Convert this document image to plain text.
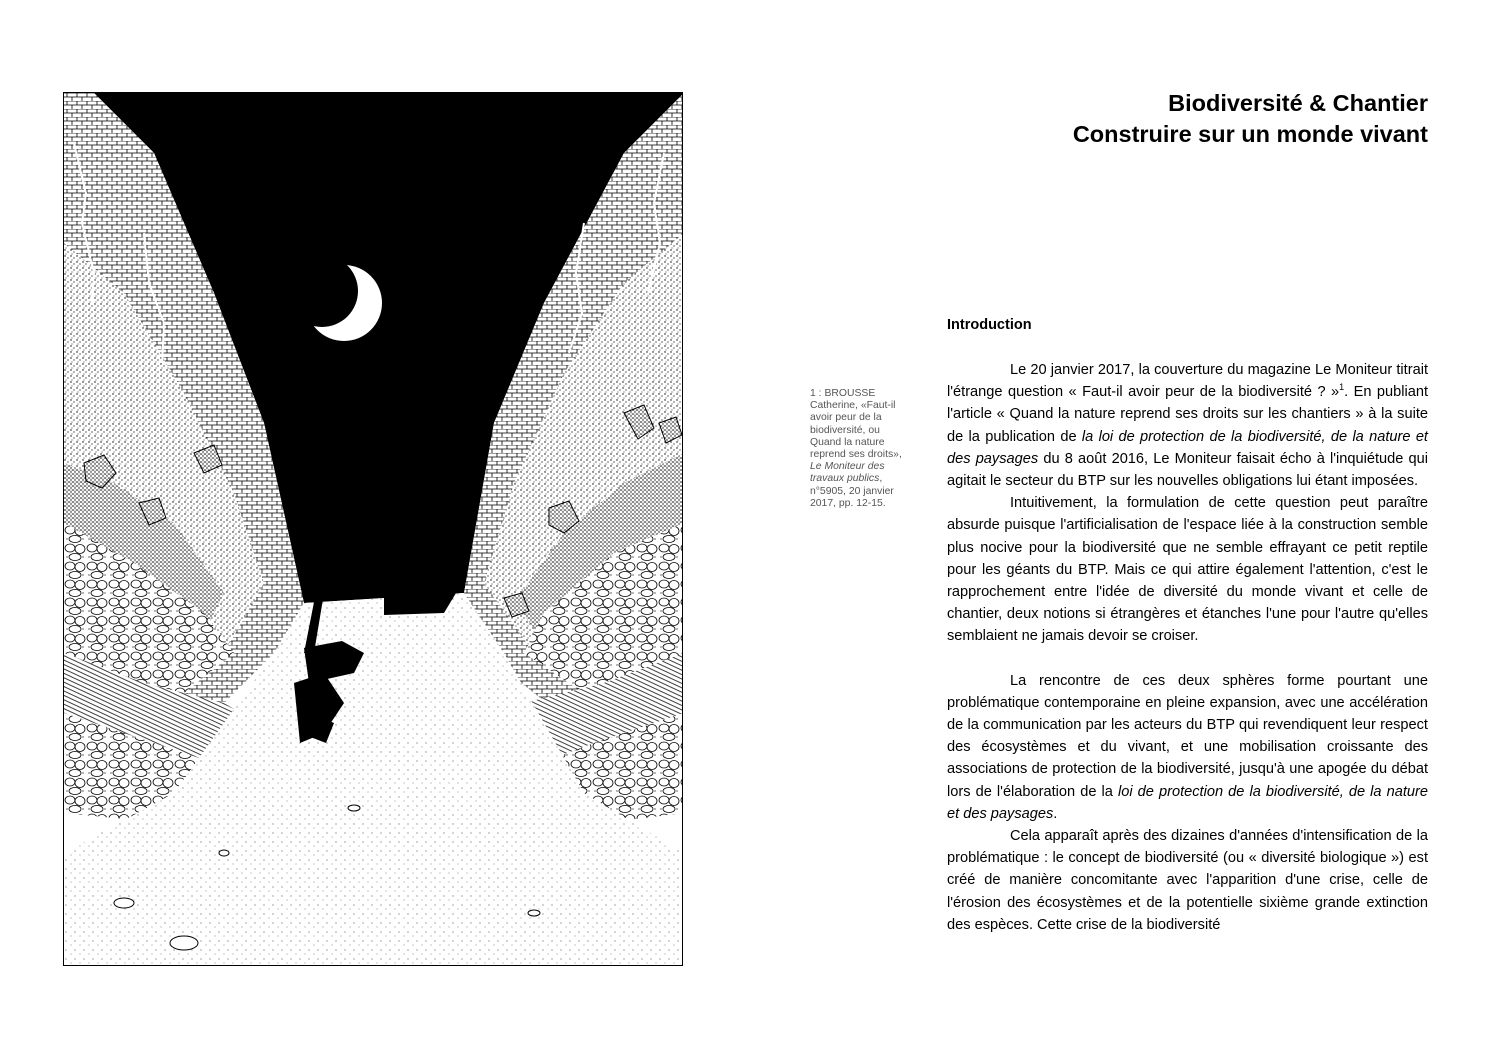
Biodiversité & Chantier
Construire sur un monde vivant
Introduction
1 : BROUSSE Catherine, «Faut-il avoir peur de la biodiversité, ou Quand la nature reprend ses droits», Le Moniteur des travaux publics, n°5905, 20 janvier 2017, pp. 12-15.

Le 20 janvier 2017, la couverture du magazine Le Moniteur titrait l'étrange question « Faut-il avoir peur de la biodiversité ? »$^1$. En publiant l'article « Quand la nature reprend ses droits sur les chantiers » à la suite de la publication de la loi de protection de la biodiversité, de la nature et des paysages du 8 août 2016, Le Moniteur faisait écho à l'inquiétude qui agitait le secteur du BTP sur les nouvelles obligations lui étant imposées.

Intuitivement, la formulation de cette question peut paraître absurde puisque l'artificialisation de l'espace liée à la construction semble plus nocive pour la biodiversité que ne semble effrayant ce petit reptile pour les géants du BTP. Mais ce qui attire également l'attention, c'est le rapprochement entre l'idée de diversité du monde vivant et celle de chantier, deux notions si étrangères et étanches l'une pour l'autre qu'elles semblaient ne jamais devoir se croiser.

La rencontre de ces deux sphères forme pourtant une problématique contemporaine en pleine expansion, avec une accélération de la communication par les acteurs du BTP qui revendiquent leur respect des écosystèmes et du vivant, et une mobilisation croissante des associations de protection de la biodiversité, jusqu'à une apogée du débat lors de l'élaboration de la loi de protection de la biodiversité, de la nature et des paysages.

Cela apparaît après des dizaines d'années d'intensification de la problématique : le concept de biodiversité (ou « diversité biologique ») est créé de manière concomitante avec l'apparition d'une crise, celle de l'érosion des écosystèmes et de la potentielle sixième grande extinction des espèces. Cette crise de la biodiversité
